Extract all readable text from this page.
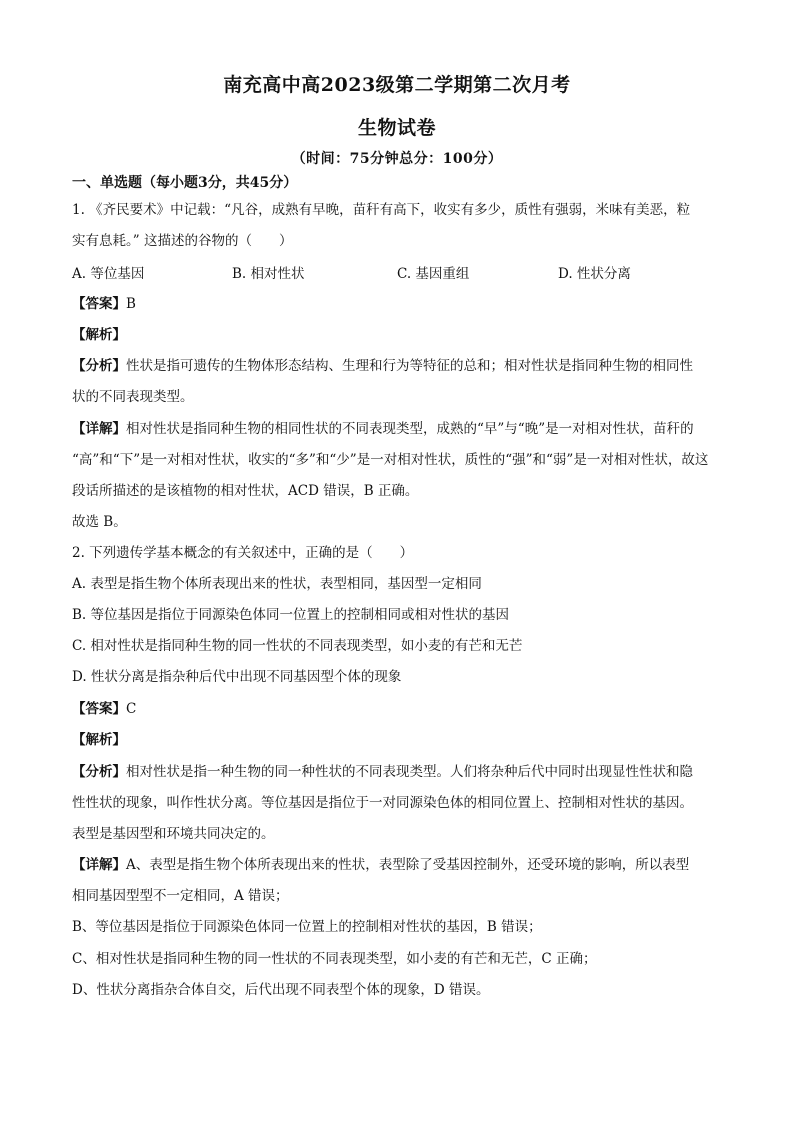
南充高中高2023级第二学期第二次月考
生物试卷
（时间：75分钟总分：100分）
一、单选题（每小题3分，共45分）
1. 《齐民要术》中记载：“凡谷，成熟有早晚，苗秆有高下，收实有多少，质性有强弱，米味有美恶，粒
实有息耗。” 这描述的谷物的（　　）
A. 等位基因	B. 相对性状	C. 基因重组	D. 性状分离
【答案】B
【解析】
【分析】性状是指可遗传的生物体形态结构、生理和行为等特征的总和；相对性状是指同种生物的相同性
状的不同表现类型。
【详解】相对性状是指同种生物的相同性状的不同表现类型，成熟的“早”与“晚”是一对相对性状，苗秆的
“高”和“下”是一对相对性状，收实的“多”和“少”是一对相对性状，质性的“强”和“弱”是一对相对性状，故这
段话所描述的是该植物的相对性状，ACD 错误，B 正确。
故选 B。
2. 下列遗传学基本概念的有关叙述中，正确的是（　　）
A. 表型是指生物个体所表现出来的性状，表型相同，基因型一定相同
B. 等位基因是指位于同源染色体同一位置上的控制相同或相对性状的基因
C. 相对性状是指同种生物的同一性状的不同表现类型，如小麦的有芒和无芒
D. 性状分离是指杂种后代中出现不同基因型个体的现象
【答案】C
【解析】
【分析】相对性状是指一种生物的同一种性状的不同表现类型。人们将杂种后代中同时出现显性性状和隐
性性状的现象，叫作性状分离。等位基因是指位于一对同源染色体的相同位置上、控制相对性状的基因。
表型是基因型和环境共同决定的。
【详解】A、表型是指生物个体所表现出来的性状，表型除了受基因控制外，还受环境的影响，所以表型
相同基因型型不一定相同，A 错误；
B、等位基因是指位于同源染色体同一位置上的控制相对性状的基因，B 错误；
C、相对性状是指同种生物的同一性状的不同表现类型，如小麦的有芒和无芒，C 正确；
D、性状分离指杂合体自交，后代出现不同表型个体的现象，D 错误。
